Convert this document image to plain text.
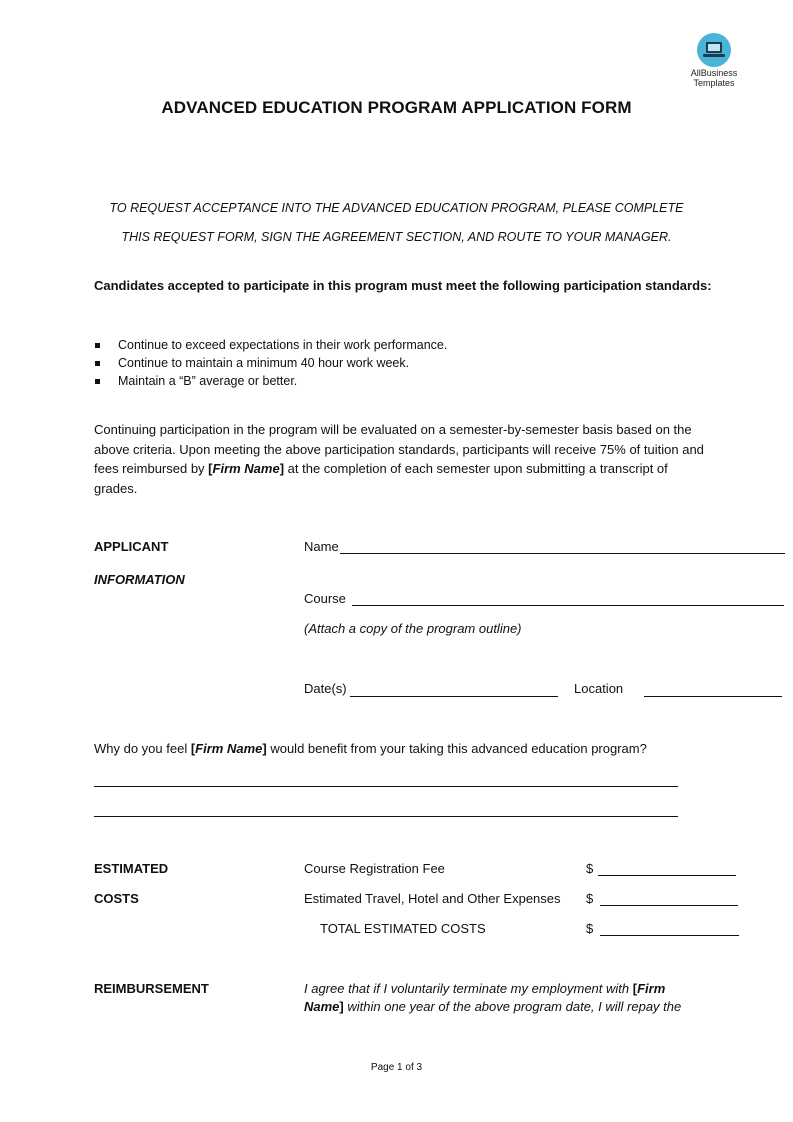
AllBusiness
Templates
ADVANCED EDUCATION PROGRAM APPLICATION FORM
TO REQUEST ACCEPTANCE INTO THE ADVANCED EDUCATION PROGRAM, PLEASE COMPLETE
THIS REQUEST FORM, SIGN THE AGREEMENT SECTION, AND ROUTE TO YOUR MANAGER.
Candidates accepted to participate in this program must meet the following participation standards:
Continue to exceed expectations in their work performance.
Continue to maintain a minimum 40 hour work week.
Maintain a “B” average or better.
Continuing participation in the program will be evaluated on a semester-by-semester basis based on the above criteria. Upon meeting the above participation standards, participants will receive 75% of tuition and fees reimbursed by [Firm Name] at the completion of each semester upon submitting a transcript of grades.
APPLICANT
INFORMATION
Name
Course
(Attach a copy of the program outline)
Date(s)	Location
Why do you feel [Firm Name] would benefit from your taking this advanced education program?
ESTIMATED
COSTS
Course Registration Fee	$
Estimated Travel, Hotel and Other Expenses $
TOTAL ESTIMATED COSTS	$
REIMBURSEMENT	I agree that if I voluntarily terminate my employment with [Firm Name] within one year of the above program date, I will repay the
Page 1 of 3
